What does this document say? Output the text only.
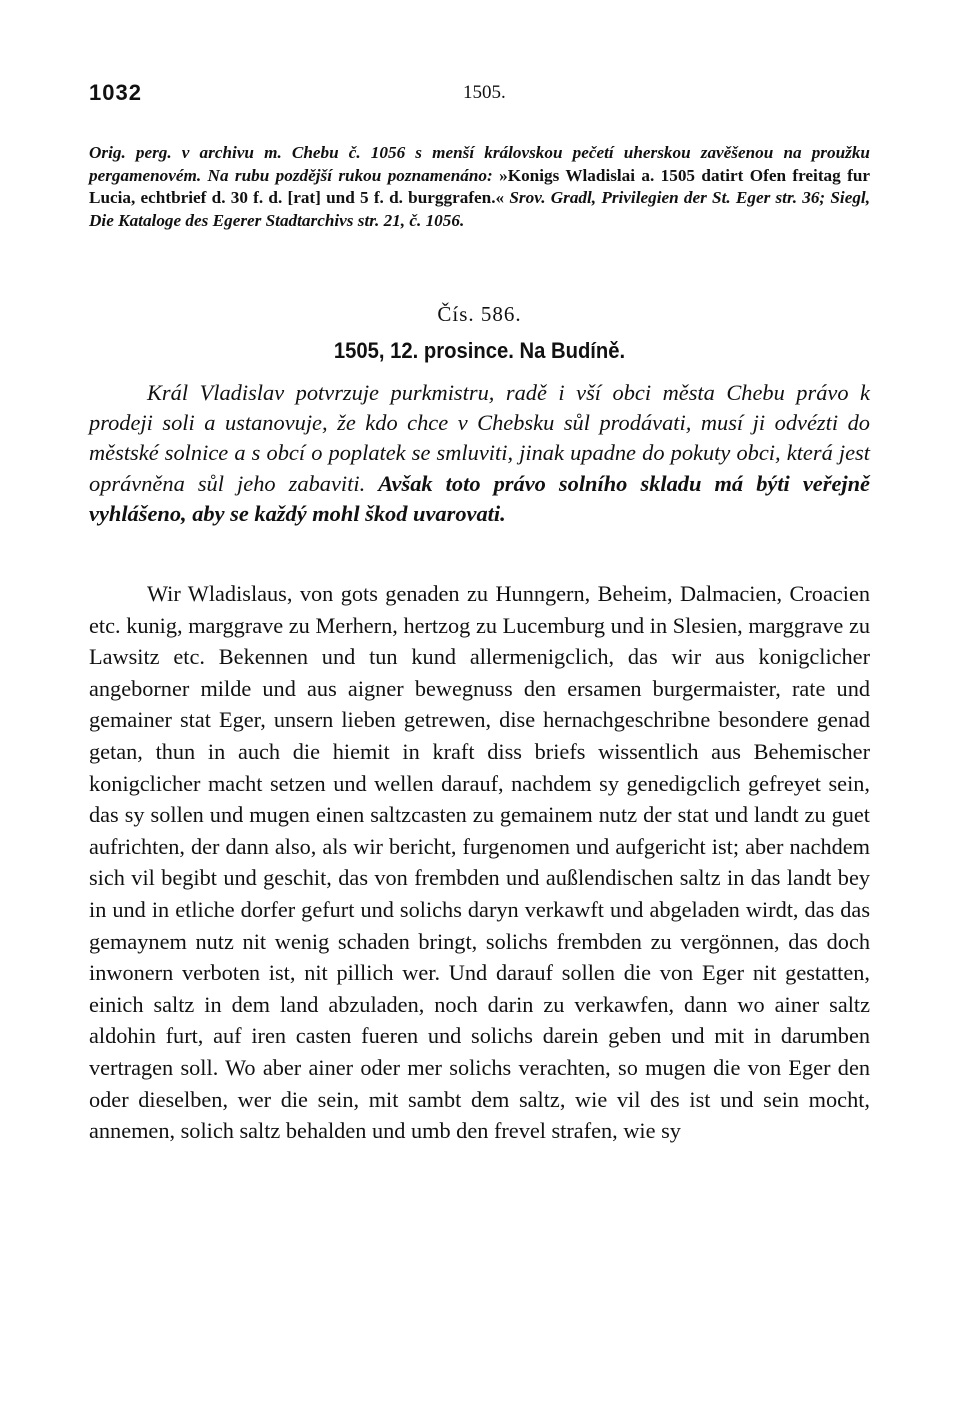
1032	1505.
Orig. perg. v archivu m. Chebu č. 1056 s menší královskou pečetí uherskou zavěšenou na proužku pergamenovém. Na rubu pozdější rukou poznamenáno: »Konigs Wladislai a. 1505 datirt Ofen freitag fur Lucia, echtbrief d. 30 f. d. [rat] und 5 f. d. burggrafen.« Srov. Gradl, Privilegien der St. Eger str. 36; Siegl, Die Kataloge des Egerer Stadtarchivs str. 21, č. 1056.
Čís. 586.
1505, 12. prosince. Na Budíně.
Král Vladislav potvrzuje purkmistru, radě i vší obci města Chebu právo k prodeji soli a ustanovuje, že kdo chce v Chebsku sůl prodávati, musí ji odvézti do městské solnice a s obcí o poplatek se smluviti, jinak upadne do pokuty obci, která jest oprávněna sůl jeho zabaviti. Avšak toto právo solního skladu má býti veřejně vyhlášeno, aby se každý mohl škod uvarovati.
Wir Wladislaus, von gots genaden zu Hunngern, Beheim, Dalmacien, Croacien etc. kunig, marggrave zu Merhern, hertzog zu Lucemburg und in Slesien, marggrave zu Lawsitz etc. Bekennen und tun kund allermenigclich, das wir aus konigclicher angeborner milde und aus aigner bewegnuss den ersamen burgermaister, rate und gemainer stat Eger, unsern lieben getrewen, dise hernachgeschribne besondere genad getan, thun in auch die hiemit in kraft diss briefs wissentlich aus Behemischer konigclicher macht setzen und wellen darauf, nachdem sy genedigclich gefreyet sein, das sy sollen und mugen einen saltzcasten zu gemainem nutz der stat und landt zu guet aufrichten, der dann also, als wir bericht, furgenomen und aufgericht ist; aber nachdem sich vil begibt und geschit, das von frembden und außlendischen saltz in das landt bey in und in etliche dorfer gefurt und solichs daryn verkawft und abgeladen wirdt, das das gemaynem nutz nit wenig schaden bringt, solichs frembden zu vergönnen, das doch inwonern verboten ist, nit pillich wer. Und darauf sollen die von Eger nit gestatten, einich saltz in dem land abzuladen, noch darin zu verkawfen, dann wo ainer saltz aldohin furt, auf iren casten fueren und solichs darein geben und mit in darumben vertragen soll. Wo aber ainer oder mer solichs verachten, so mugen die von Eger den oder dieselben, wer die sein, mit sambt dem saltz, wie vil des ist und sein mocht, annemen, solich saltz behalden und umb den frevel strafen, wie sy
